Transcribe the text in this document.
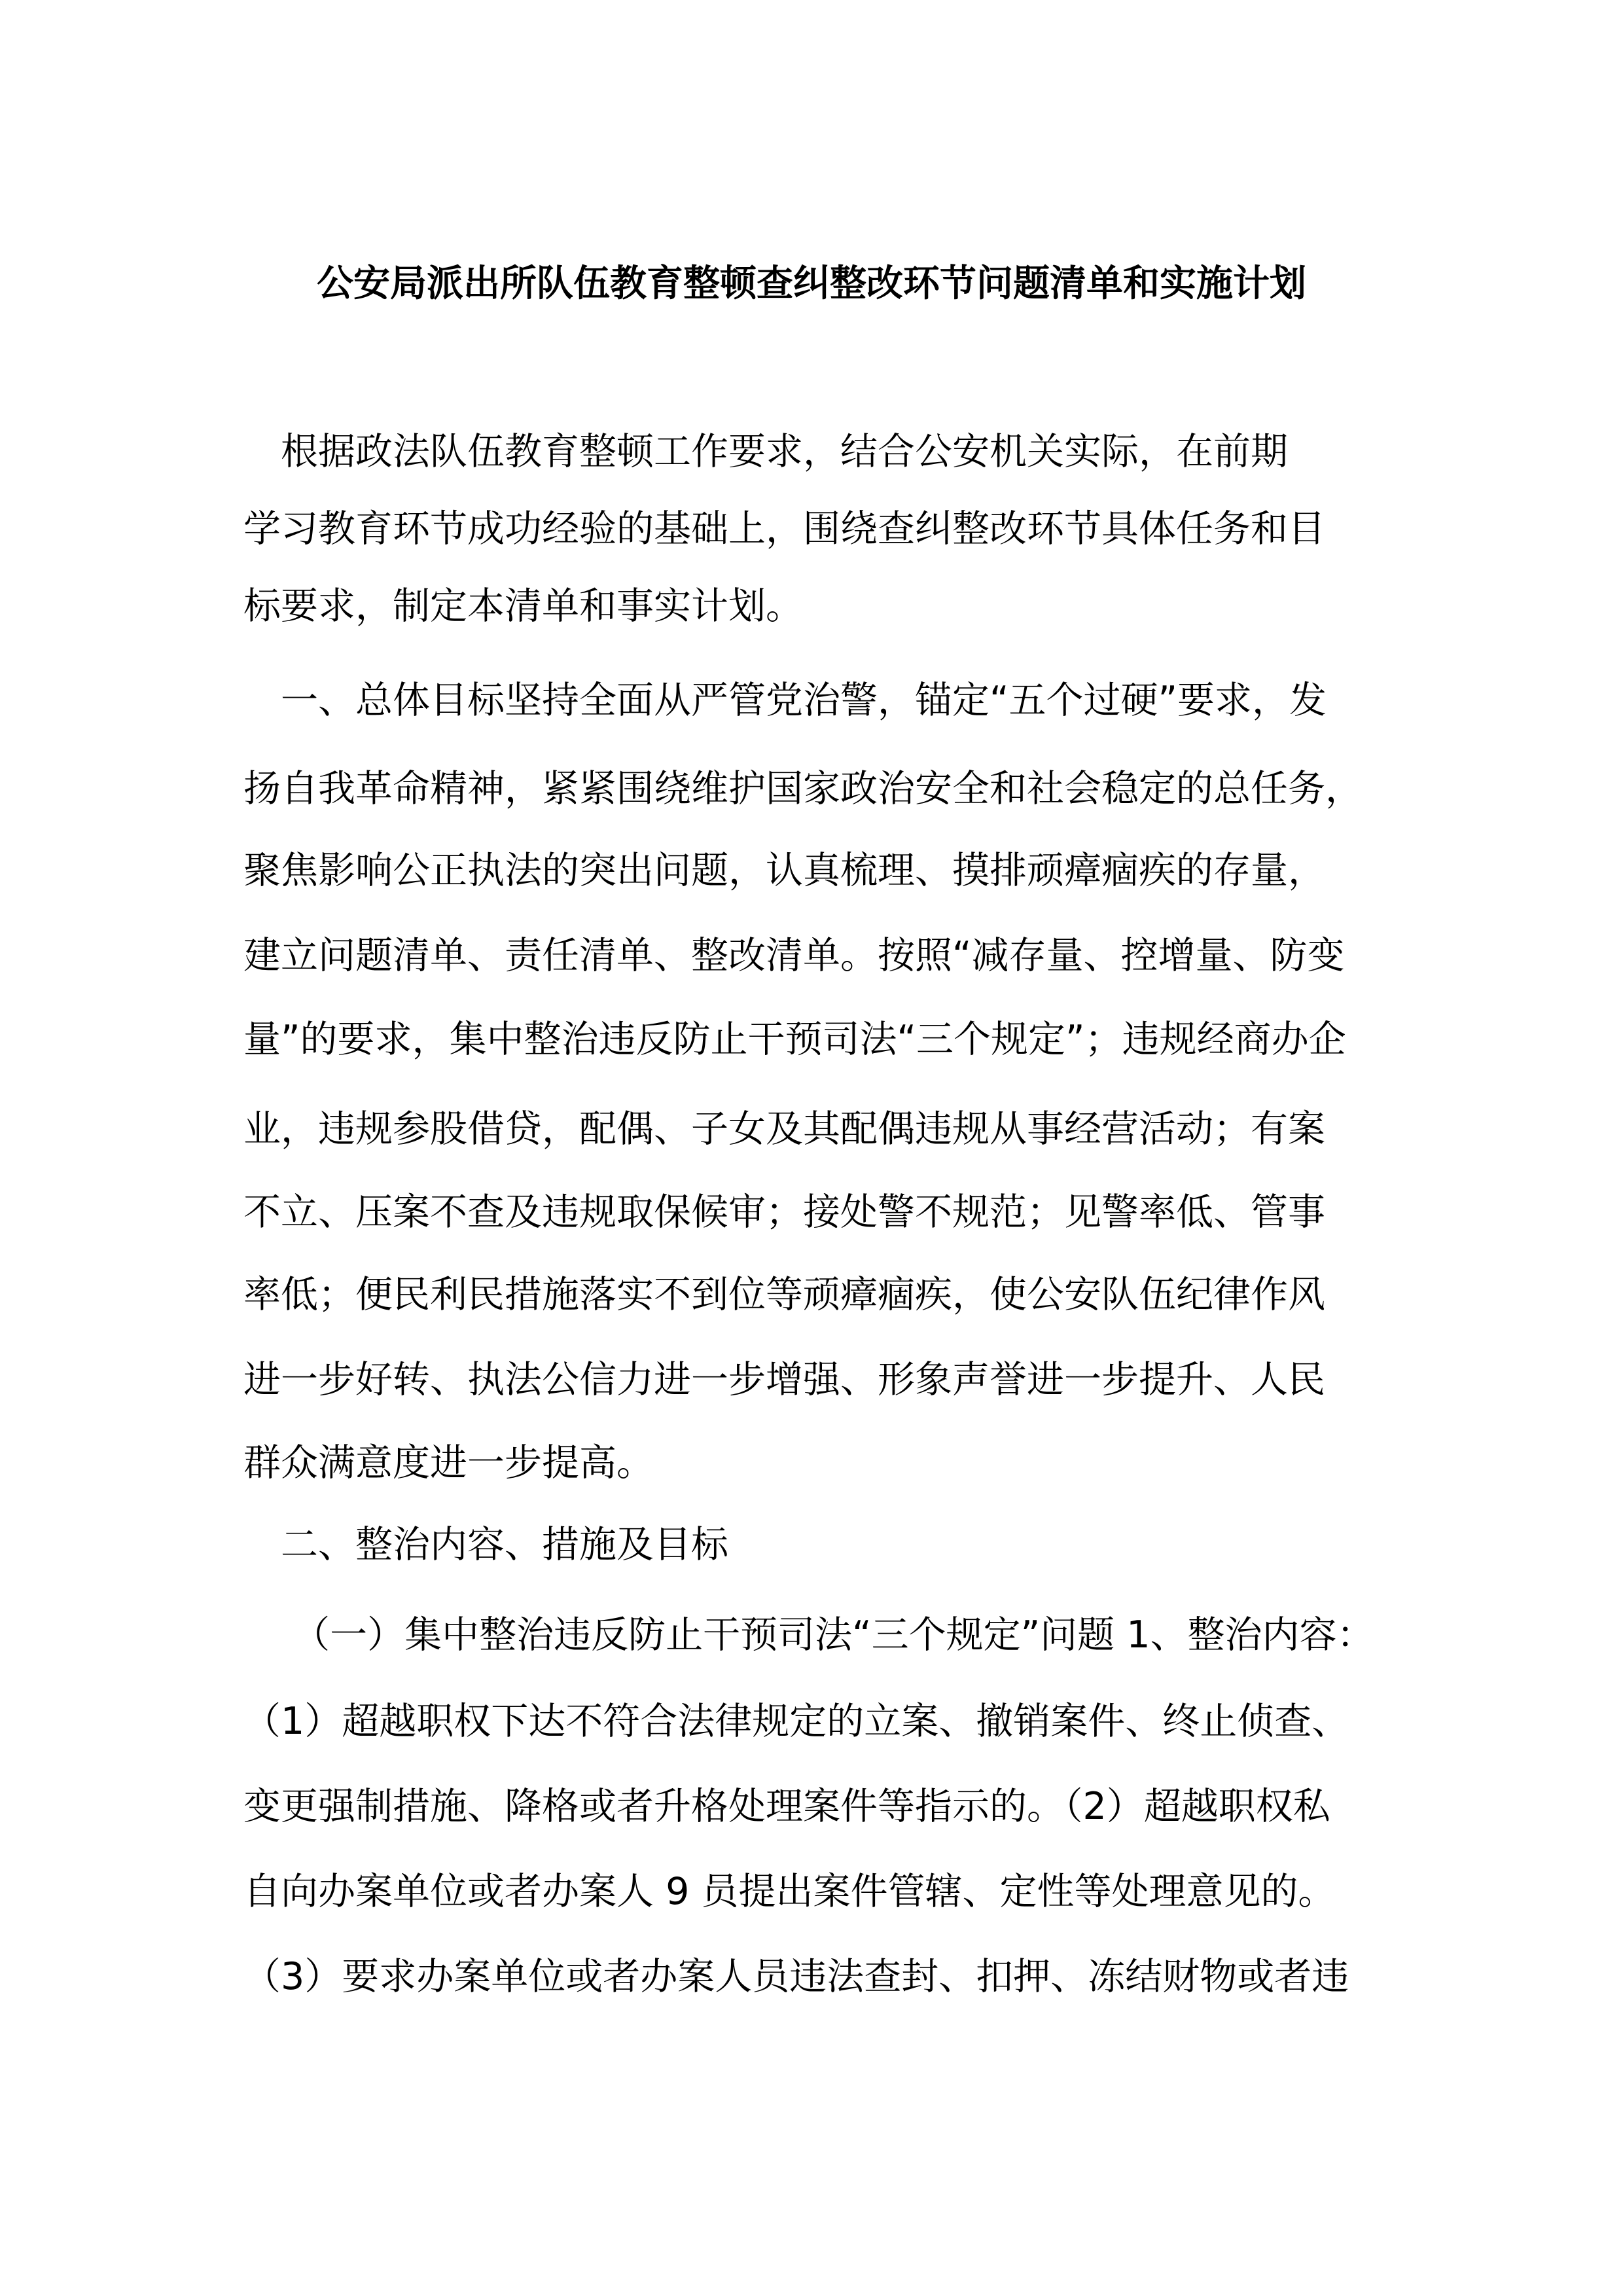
公安局派出所队伍教育整顿查纠整改环节问题清单和实施计划
　根据政法队伍教育整顿工作要求，结合公安机关实际，在前期
学习教育环节成功经验的基础上，围绕查纠整改环节具体任务和目
标要求，制定本清单和事实计划。
　一、总体目标坚持全面从严管党治警，锚定“五个过硬”要求，发
扬自我革命精神，紧紧围绕维护国家政治安全和社会稳定的总任务，
聚焦影响公正执法的突出问题，认真梳理、摸排顽瘴痼疾的存量，
建立问题清单、责任清单、整改清单。按照“减存量、控增量、防变
量”的要求，集中整治违反防止干预司法“三个规定”；违规经商办企
业，违规参股借贷，配偶、子女及其配偶违规从事经营活动；有案
不立、压案不查及违规取保候审；接处警不规范；见警率低、管事
率低；便民利民措施落实不到位等顽瘴痼疾，使公安队伍纪律作风
进一步好转、执法公信力进一步增强、形象声誉进一步提升、人民
群众满意度进一步提高。
　二、整治内容、措施及目标
　 （一）集中整治违反防止干预司法“三个规定”问题 1、整治内容：
（1）超越职权下达不符合法律规定的立案、撤销案件、终止侦查、
变更强制措施、降格或者升格处理案件等指示的。（2）超越职权私
自向办案单位或者办案人 9 员提出案件管辖、定性等处理意见的。
（3）要求办案单位或者办案人员违法查封、扣押、冻结财物或者违
